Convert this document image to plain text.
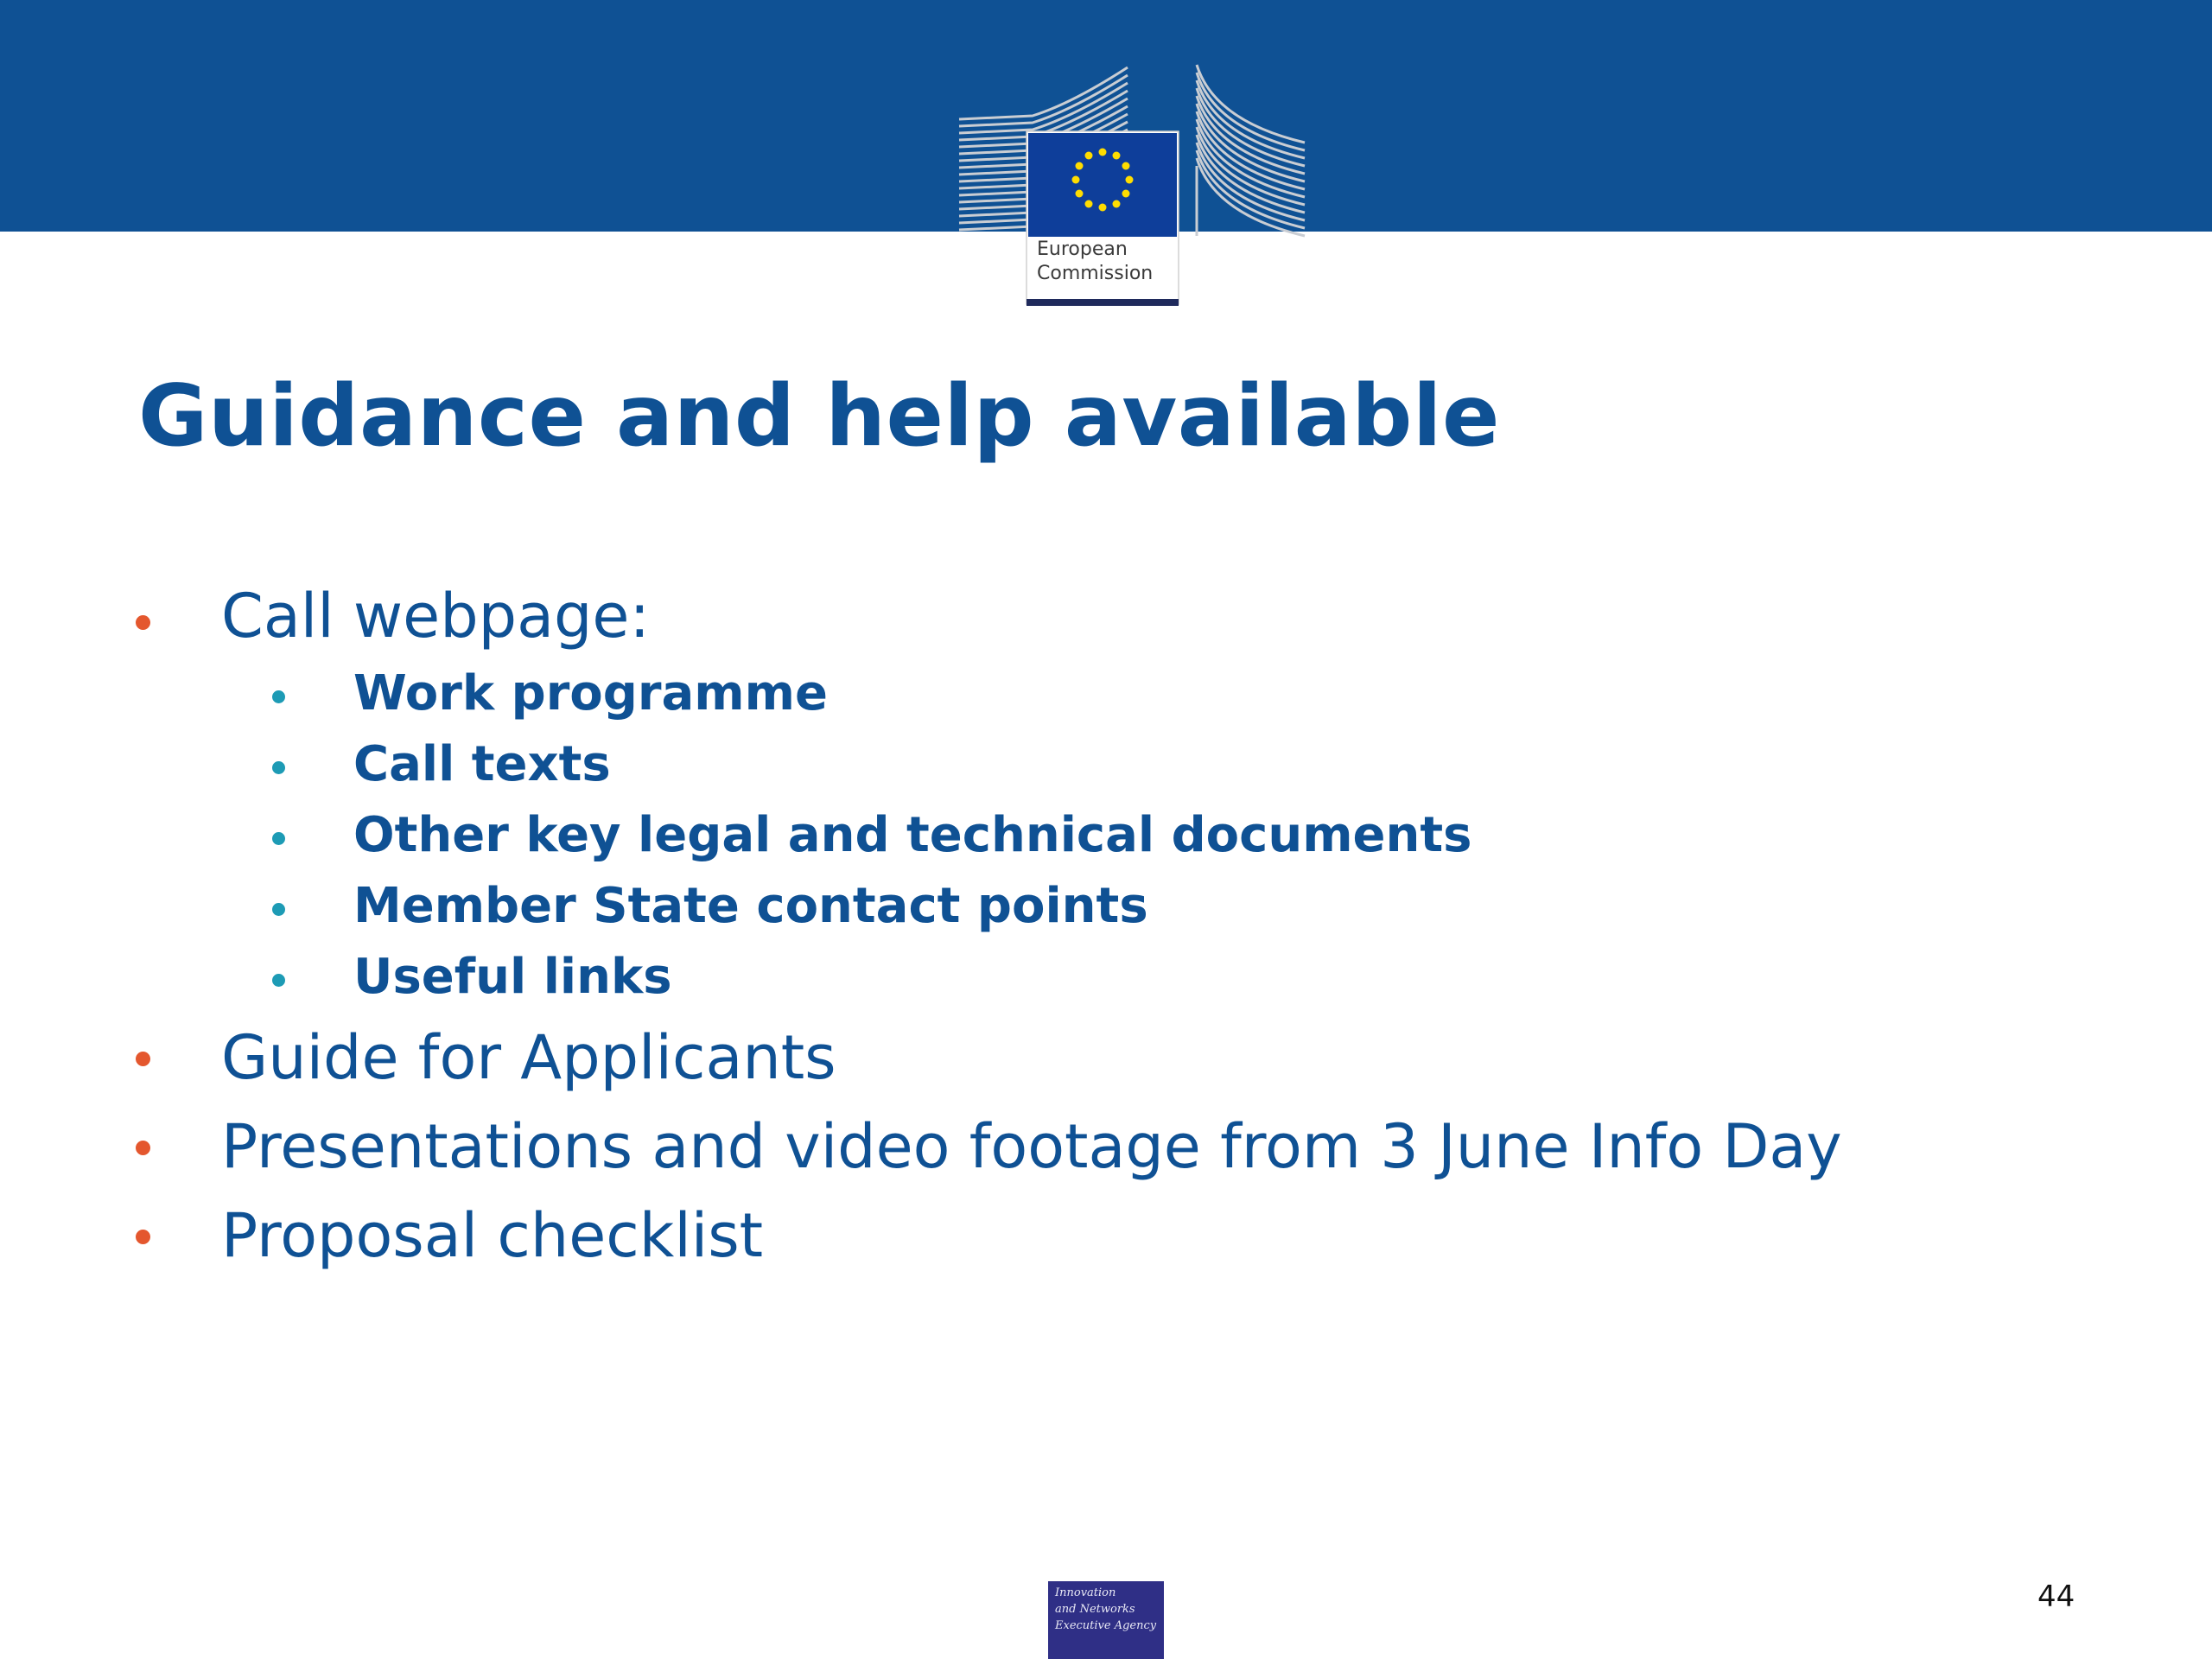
European
Commission
Guidance and help available
Call webpage:
Work programme
Call texts
Other key legal and technical documents
Member State contact points
Useful links
Guide for Applicants
Presentations and video footage from 3 June Info Day
Proposal checklist
Innovation
and Networks
Executive Agency
44
